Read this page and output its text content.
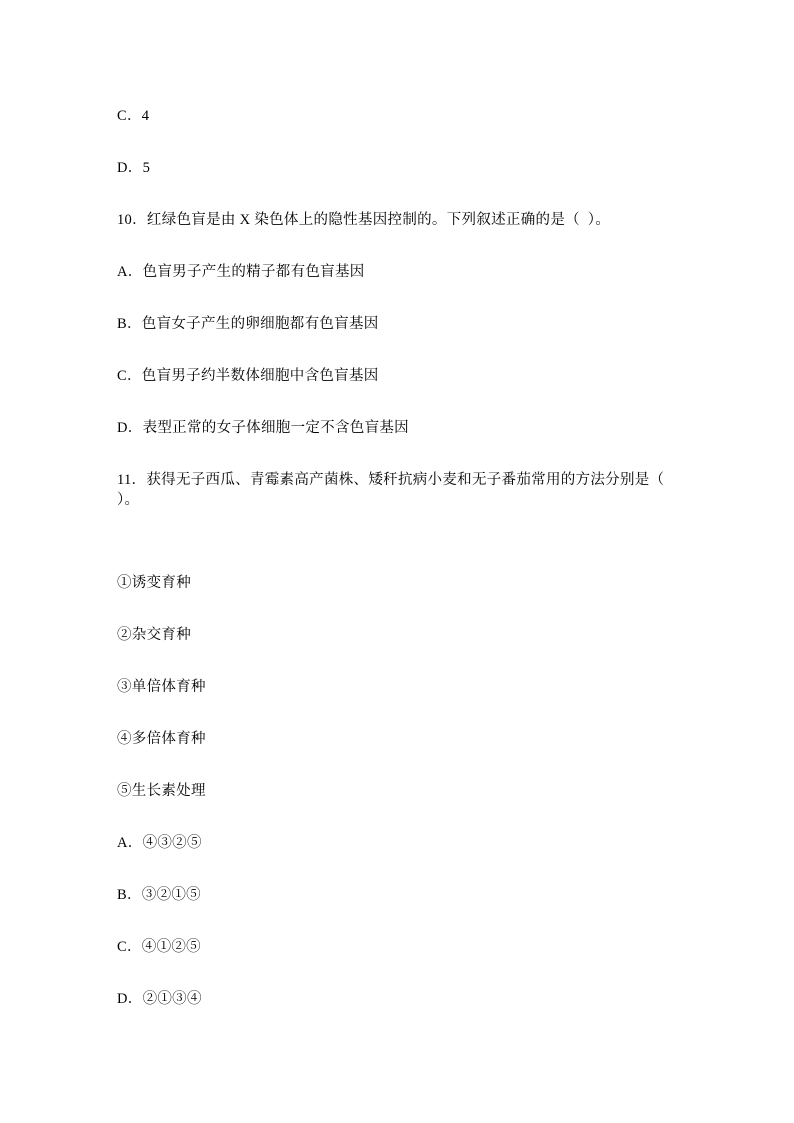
C．4
D．5
10．红绿色盲是由 X 染色体上的隐性基因控制的。下列叙述正确的是（  ）。
A．色盲男子产生的精子都有色盲基因
B．色盲女子产生的卵细胞都有色盲基因
C．色盲男子约半数体细胞中含色盲基因
D．表型正常的女子体细胞一定不含色盲基因
11．获得无子西瓜、青霉素高产菌株、矮秆抗病小麦和无子番茄常用的方法分别是（  ）。
①诱变育种
②杂交育种
③单倍体育种
④多倍体育种
⑤生长素处理
A．④③②⑤
B．③②①⑤
C．④①②⑤
D．②①③④
